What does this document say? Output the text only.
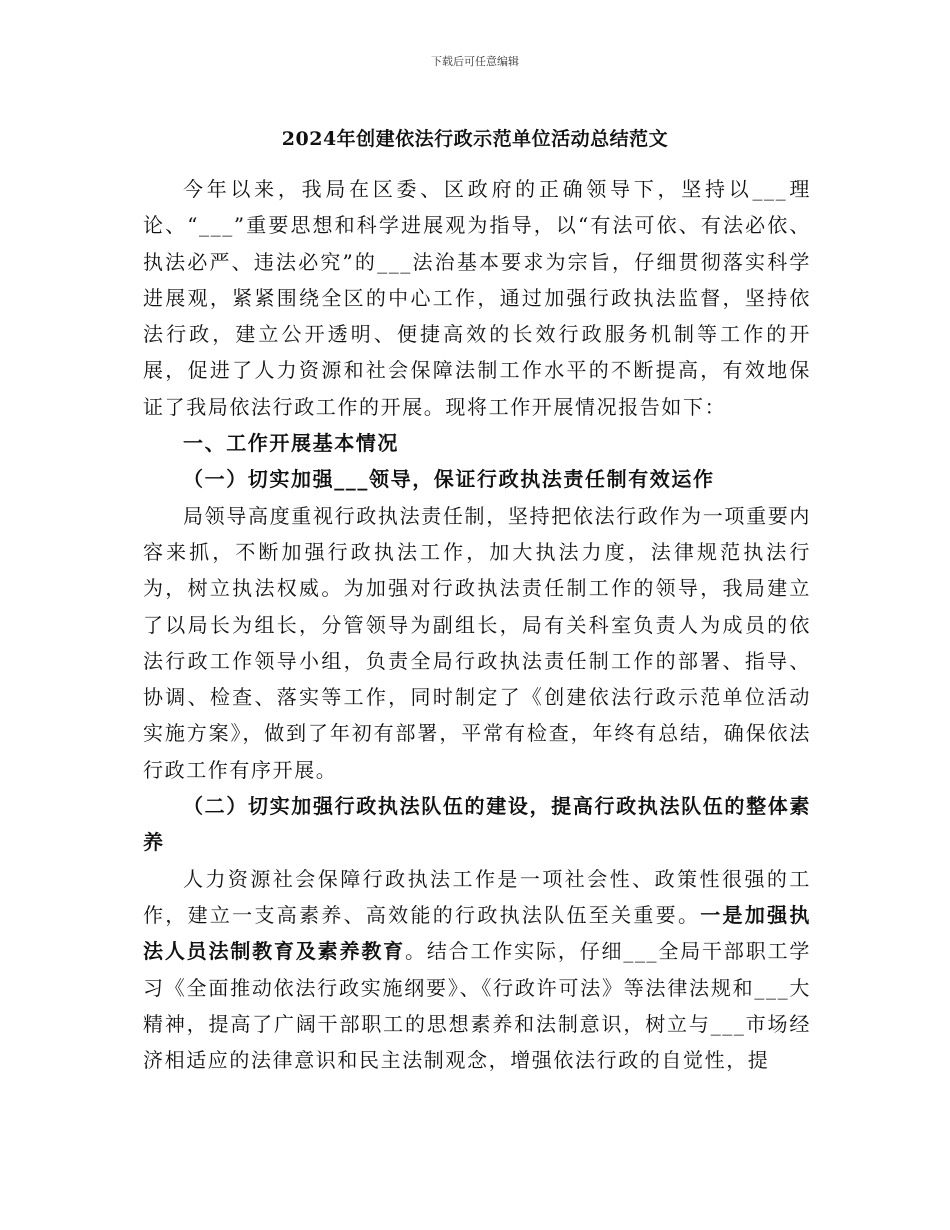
下载后可任意编辑
2024年创建依法行政示范单位活动总结范文

今年以来，我局在区委、区政府的正确领导下，坚持以___理论、“___”重要思想和科学进展观为指导，以“有法可依、有法必依、执法必严、违法必究”的___法治基本要求为宗旨，仔细贯彻落实科学进展观，紧紧围绕全区的中心工作，通过加强行政执法监督，坚持依法行政，建立公开透明、便捷高效的长效行政服务机制等工作的开展，促进了人力资源和社会保障法制工作水平的不断提高，有效地保证了我局依法行政工作的开展。现将工作开展情况报告如下：

一、工作开展基本情况

（一）切实加强___领导，保证行政执法责任制有效运作

局领导高度重视行政执法责任制，坚持把依法行政作为一项重要内容来抓，不断加强行政执法工作，加大执法力度，法律规范执法行为，树立执法权威。为加强对行政执法责任制工作的领导，我局建立了以局长为组长，分管领导为副组长，局有关科室负责人为成员的依法行政工作领导小组，负责全局行政执法责任制工作的部署、指导、协调、检查、落实等工作，同时制定了《创建依法行政示范单位活动实施方案》，做到了年初有部署，平常有检查，年终有总结，确保依法行政工作有序开展。

（二）切实加强行政执法队伍的建设，提高行政执法队伍的整体素养

人力资源社会保障行政执法工作是一项社会性、政策性很强的工作，建立一支高素养、高效能的行政执法队伍至关重要。一是加强执法人员法制教育及素养教育。结合工作实际，仔细___全局干部职工学习《全面推动依法行政实施纲要》、《行政许可法》等法律法规和___大精神，提高了广阔干部职工的思想素养和法制意识，树立与___市场经济相适应的法律意识和民主法制观念，增强依法行政的自觉性，提
